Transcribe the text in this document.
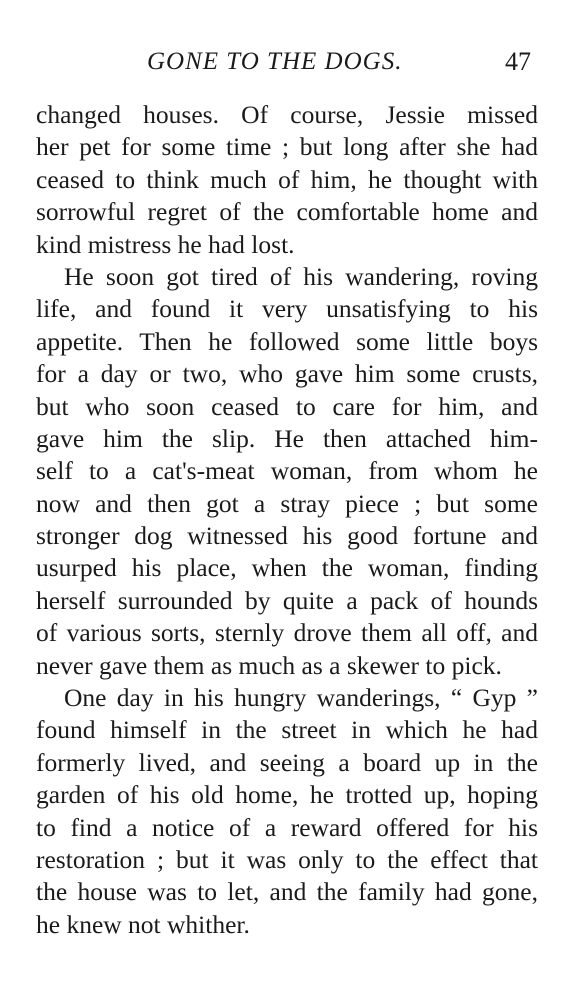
GONE TO THE DOGS.	47
changed houses. Of course, Jessie missed
her pet for some time ; but long after she had
ceased to think much of him, he thought with
sorrowful regret of the comfortable home and
kind mistress he had lost.
He soon got tired of his wandering, roving
life, and found it very unsatisfying to his
appetite. Then he followed some little boys
for a day or two, who gave him some crusts,
but who soon ceased to care for him, and
gave him the slip. He then attached him-
self to a cat's-meat woman, from whom he
now and then got a stray piece ; but some
stronger dog witnessed his good fortune and
usurped his place, when the woman, finding
herself surrounded by quite a pack of hounds
of various sorts, sternly drove them all off, and
never gave them as much as a skewer to pick.
One day in his hungry wanderings, “ Gyp ”
found himself in the street in which he had
formerly lived, and seeing a board up in the
garden of his old home, he trotted up, hoping
to find a notice of a reward offered for his
restoration ; but it was only to the effect that
the house was to let, and the family had gone,
he knew not whither.
